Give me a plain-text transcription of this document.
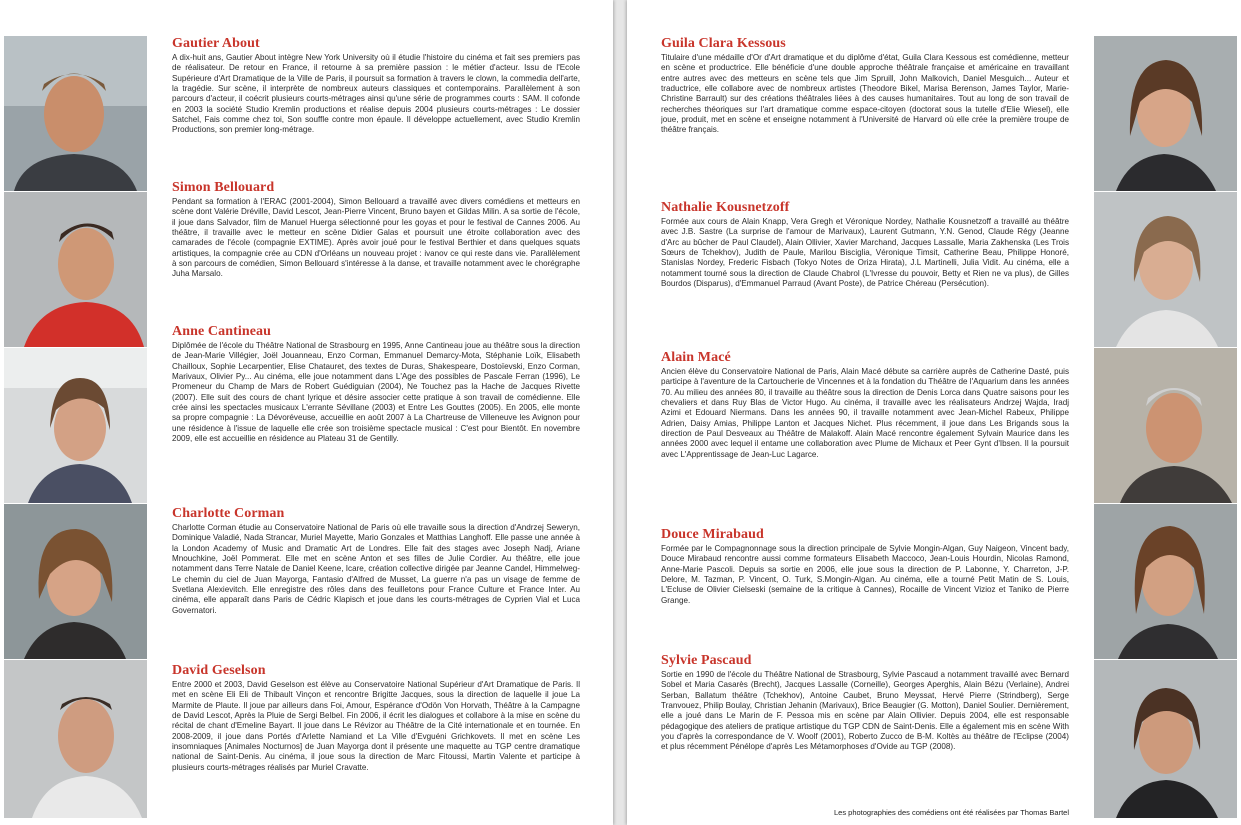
Gautier About

A dix-huit ans, Gautier About intègre New York University où il étudie l'histoire du cinéma et fait ses premiers pas de réalisateur. De retour en France, il retourne à sa première passion : le métier d'acteur. Issu de l'Ecole Supérieure d'Art Dramatique de la Ville de Paris, il poursuit sa formation à travers le clown, la commedia dell'arte, la tragédie. Sur scène, il interprète de nombreux auteurs classiques et contemporains. Parallèlement à son parcours d'acteur, il coécrit plusieurs courts-métrages ainsi qu'une série de programmes courts : SAM. Il cofonde en 2003 la société Studio Kremlin productions et réalise depuis 2004 plusieurs courts-métrages : Le dossier Satchel, Fais comme chez toi, Son souffle contre mon épaule. Il développe actuellement, avec Studio Kremlin Productions, son premier long-métrage.

Simon Bellouard

Pendant sa formation à l'ERAC (2001-2004), Simon Bellouard a travaillé avec divers comédiens et metteurs en scène dont Valérie Dréville, David Lescot, Jean-Pierre Vincent, Bruno bayen et Gildas Milin. A sa sortie de l'école, il joue dans Salvador, film de Manuel Huerga sélectionné pour les goyas et pour le festival de Cannes 2006. Au théâtre, il travaille avec le metteur en scène Didier Galas et poursuit une étroite collaboration avec des camarades de l'école (compagnie EXTIME). Après avoir joué pour le festival Berthier et dans quelques squats artistiques, la compagnie crée au CDN d'Orléans un nouveau projet : ivanov ce qui reste dans vie. Parallèlement à son parcours de comédien, Simon Bellouard s'intéresse à la danse, et travaille notamment avec le chorégraphe Juha Marsalo.

Anne Cantineau

Diplômée de l'école du Théâtre National de Strasbourg en 1995, Anne Cantineau joue au théâtre sous la direction de Jean-Marie Villégier, Joël Jouanneau, Enzo Corman, Emmanuel Demarcy-Mota, Stéphanie Loïk, Elisabeth Chailloux, Sophie Lecarpentier, Elise Chatauret, des textes de Duras, Shakespeare, Dostoïevski, Enzo Corman, Marivaux, Olivier Py... Au cinéma, elle joue notamment dans L'Age des possibles de Pascale Ferran (1996), Le Promeneur du Champ de Mars de Robert Guédiguian (2004), Ne Touchez pas la Hache de Jacques Rivette (2007). Elle suit des cours de chant lyrique et désire associer cette pratique à son travail de comédienne. Elle crée ainsi les spectacles musicaux L'errante Sévillane (2003) et Entre Les Gouttes (2005). En 2005, elle monte sa propre compagnie : La Dévoréveuse, accueillie en août 2007 à La Chartreuse de Villeneuve les Avignon pour une résidence à l'issue de laquelle elle crée son troisième spectacle musical : C'est pour Bientôt. En novembre 2009, elle est accueillie en résidence au Plateau 31 de Gentilly.

Charlotte Corman

Charlotte Corman étudie au Conservatoire National de Paris où elle travaille sous la direction d'Andrzej Seweryn, Dominique Valadié, Nada Strancar, Muriel Mayette, Mario Gonzales et Matthias Langhoff. Elle passe une année à la London Academy of Music and Dramatic Art de Londres. Elle fait des stages avec Joseph Nadj, Ariane Mnouchkine, Joël Pommerat. Elle met en scène Anton et ses filles de Julie Cordier. Au théâtre, elle joue notamment dans Terre Natale de Daniel Keene, Icare, création collective dirigée par Jeanne Candel, Himmelweg-Le chemin du ciel de Juan Mayorga, Fantasio d'Alfred de Musset, La guerre n'a pas un visage de femme de Svetlana Alexievitch. Elle enregistre des rôles dans des feuilletons pour France Culture et France Inter. Au cinéma, elle apparaît dans Paris de Cédric Klapisch et joue dans les courts-métrages de Cyprien Vial et Luca Governatori.

David Geselson

Entre 2000 et 2003, David Geselson est élève au Conservatoire National Supérieur d'Art Dramatique de Paris. Il met en scène Eli Eli de Thibault Vinçon et rencontre Brigitte Jacques, sous la direction de laquelle il joue La Marmite de Plaute. Il joue par ailleurs dans Foi, Amour, Espérance d'Odön Von Horvath, Théâtre à la Campagne de David Lescot, Après la Pluie de Sergi Belbel. Fin 2006, il écrit les dialogues et collabore à la mise en scène du récital de chant d'Emeline Bayart. Il joue dans Le Révizor au Théâtre de la Cité internationale et en tournée. En 2008-2009, il joue dans Portés d'Arlette Namiand et La Ville d'Evguéni Grichkovets. Il met en scène Les insomniaques [Animales Nocturnos] de Juan Mayorga dont il présente une maquette au TGP centre dramatique national de Saint-Denis. Au cinéma, il joue sous la direction de Marc Fitoussi, Martin Valente et participe à plusieurs courts-métrages réalisés par Muriel Cravatte.

Guila Clara Kessous

Titulaire d'une médaille d'Or d'Art dramatique et du diplôme d'état, Guila Clara Kessous est comédienne, metteur en scène et productrice. Elle bénéficie d'une double approche théâtrale française et américaine en travaillant entre autres avec des metteurs en scène tels que Jim Spruill, John Malkovich, Daniel Mesguich... Auteur et traductrice, elle collabore avec de nombreux artistes (Theodore Bikel, Marisa Berenson, James Taylor, Marie-Christine Barrault) sur des créations théâtrales liées à des causes humanitaires. Tout au long de son travail de recherches théoriques sur l'art dramatique comme espace-citoyen (doctorat sous la tutelle d'Elie Wiesel), elle joue, produit, met en scène et enseigne notamment à l'Université de Harvard où elle crée la première troupe de théâtre français.

Nathalie Kousnetzoff

Formée aux cours de Alain Knapp, Vera Gregh et Véronique Nordey, Nathalie Kousnetzoff a travaillé au théâtre avec J.B. Sastre (La surprise de l'amour de Marivaux), Laurent Gutmann, Y.N. Genod, Claude Régy (Jeanne d'Arc au bûcher de Paul Claudel), Alain Ollivier, Xavier Marchand, Jacques Lassalle, Maria Zakhenska (Les Trois Sœurs de Tchekhov), Judith de Paule, Marilou Bisciglia, Véronique Timsit, Catherine Beau, Philippe Honoré, Stanislas Nordey, Frederic Fisbach (Tokyo Notes de Oriza Hirata), J.L Martinelli, Julia Vidit. Au cinéma, elle a notamment tourné sous la direction de Claude Chabrol (L'Ivresse du pouvoir, Betty et Rien ne va plus), de Gilles Bourdos (Disparus), d'Emmanuel Parraud (Avant Poste), de Patrice Chéreau (Persécution).

Alain Macé

Ancien élève du Conservatoire National de Paris, Alain Macé débute sa carrière auprès de Catherine Dasté, puis participe à l'aventure de la Cartoucherie de Vincennes et à la fondation du Théâtre de l'Aquarium dans les années 70. Au milieu des années 80, il travaille au théâtre sous la direction de Denis Lorca dans Quatre saisons pour les chevaliers et dans Ruy Blas de Victor Hugo. Au cinéma, il travaille avec les réalisateurs Andrzej Wajda, Iradj Azimi et Edouard Niermans. Dans les années 90, il travaille notamment avec Jean-Michel Rabeux, Philippe Adrien, Daisy Amias, Philippe Lanton et Jacques Nichet. Plus récemment, il joue dans Les Brigands sous la direction de Paul Desveaux au Théâtre de Malakoff. Alain Macé rencontre également Sylvain Maurice dans les années 2000 avec lequel il entame une collaboration avec Plume de Michaux et Peer Gynt d'Ibsen. Il la poursuit avec L'Apprentissage de Jean-Luc Lagarce.

Douce Mirabaud

Formée par le Compagnonnage sous la direction principale de Sylvie Mongin-Algan, Guy Naigeon, Vincent bady, Douce Mirabaud rencontre aussi comme formateurs Elisabeth Maccoco, Jean-Louis Hourdin, Nicolas Ramond, Anne-Marie Pascoli. Depuis sa sortie en 2006, elle joue sous la direction de P. Labonne, Y. Charreton, J-P. Delore, M. Tazman, P. Vincent, O. Turk, S.Mongin-Algan. Au cinéma, elle a tourné Petit Matin de S. Louis, L'Ecluse de Olivier Cielseski (semaine de la critique à Cannes), Rocaille de Vincent Vizioz et Taniko de Pierre Grange.

Sylvie Pascaud

Sortie en 1990 de l'école du Théâtre National de Strasbourg, Sylvie Pascaud a notamment travaillé avec Bernard Sobel et Maria Casarès (Brecht), Jacques Lassalle (Corneille), Georges Aperghis, Alain Bézu (Verlaine), Andrei Serban, Ballatum théâtre (Tchekhov), Antoine Caubet, Bruno Meyssat, Hervé Pierre (Strindberg), Serge Tranvouez, Philip Boulay, Christian Jehanin (Marivaux), Brice Beaugier (G. Motton), Daniel Soulier. Dernièrement, elle a joué dans Le Marin de F. Pessoa mis en scène par Alain Ollivier. Depuis 2004, elle est responsable pédagogique des ateliers de pratique artistique du TGP CDN de Saint-Denis. Elle a également mis en scène With you d'après la correspondance de V. Woolf (2001), Roberto Zucco de B-M. Koltès au théâtre de l'Eclipse (2004) et plus récemment Pénélope d'après Les Métamorphoses d'Ovide au TGP (2008).

Les photographies des comédiens ont été réalisées par Thomas Bartel
